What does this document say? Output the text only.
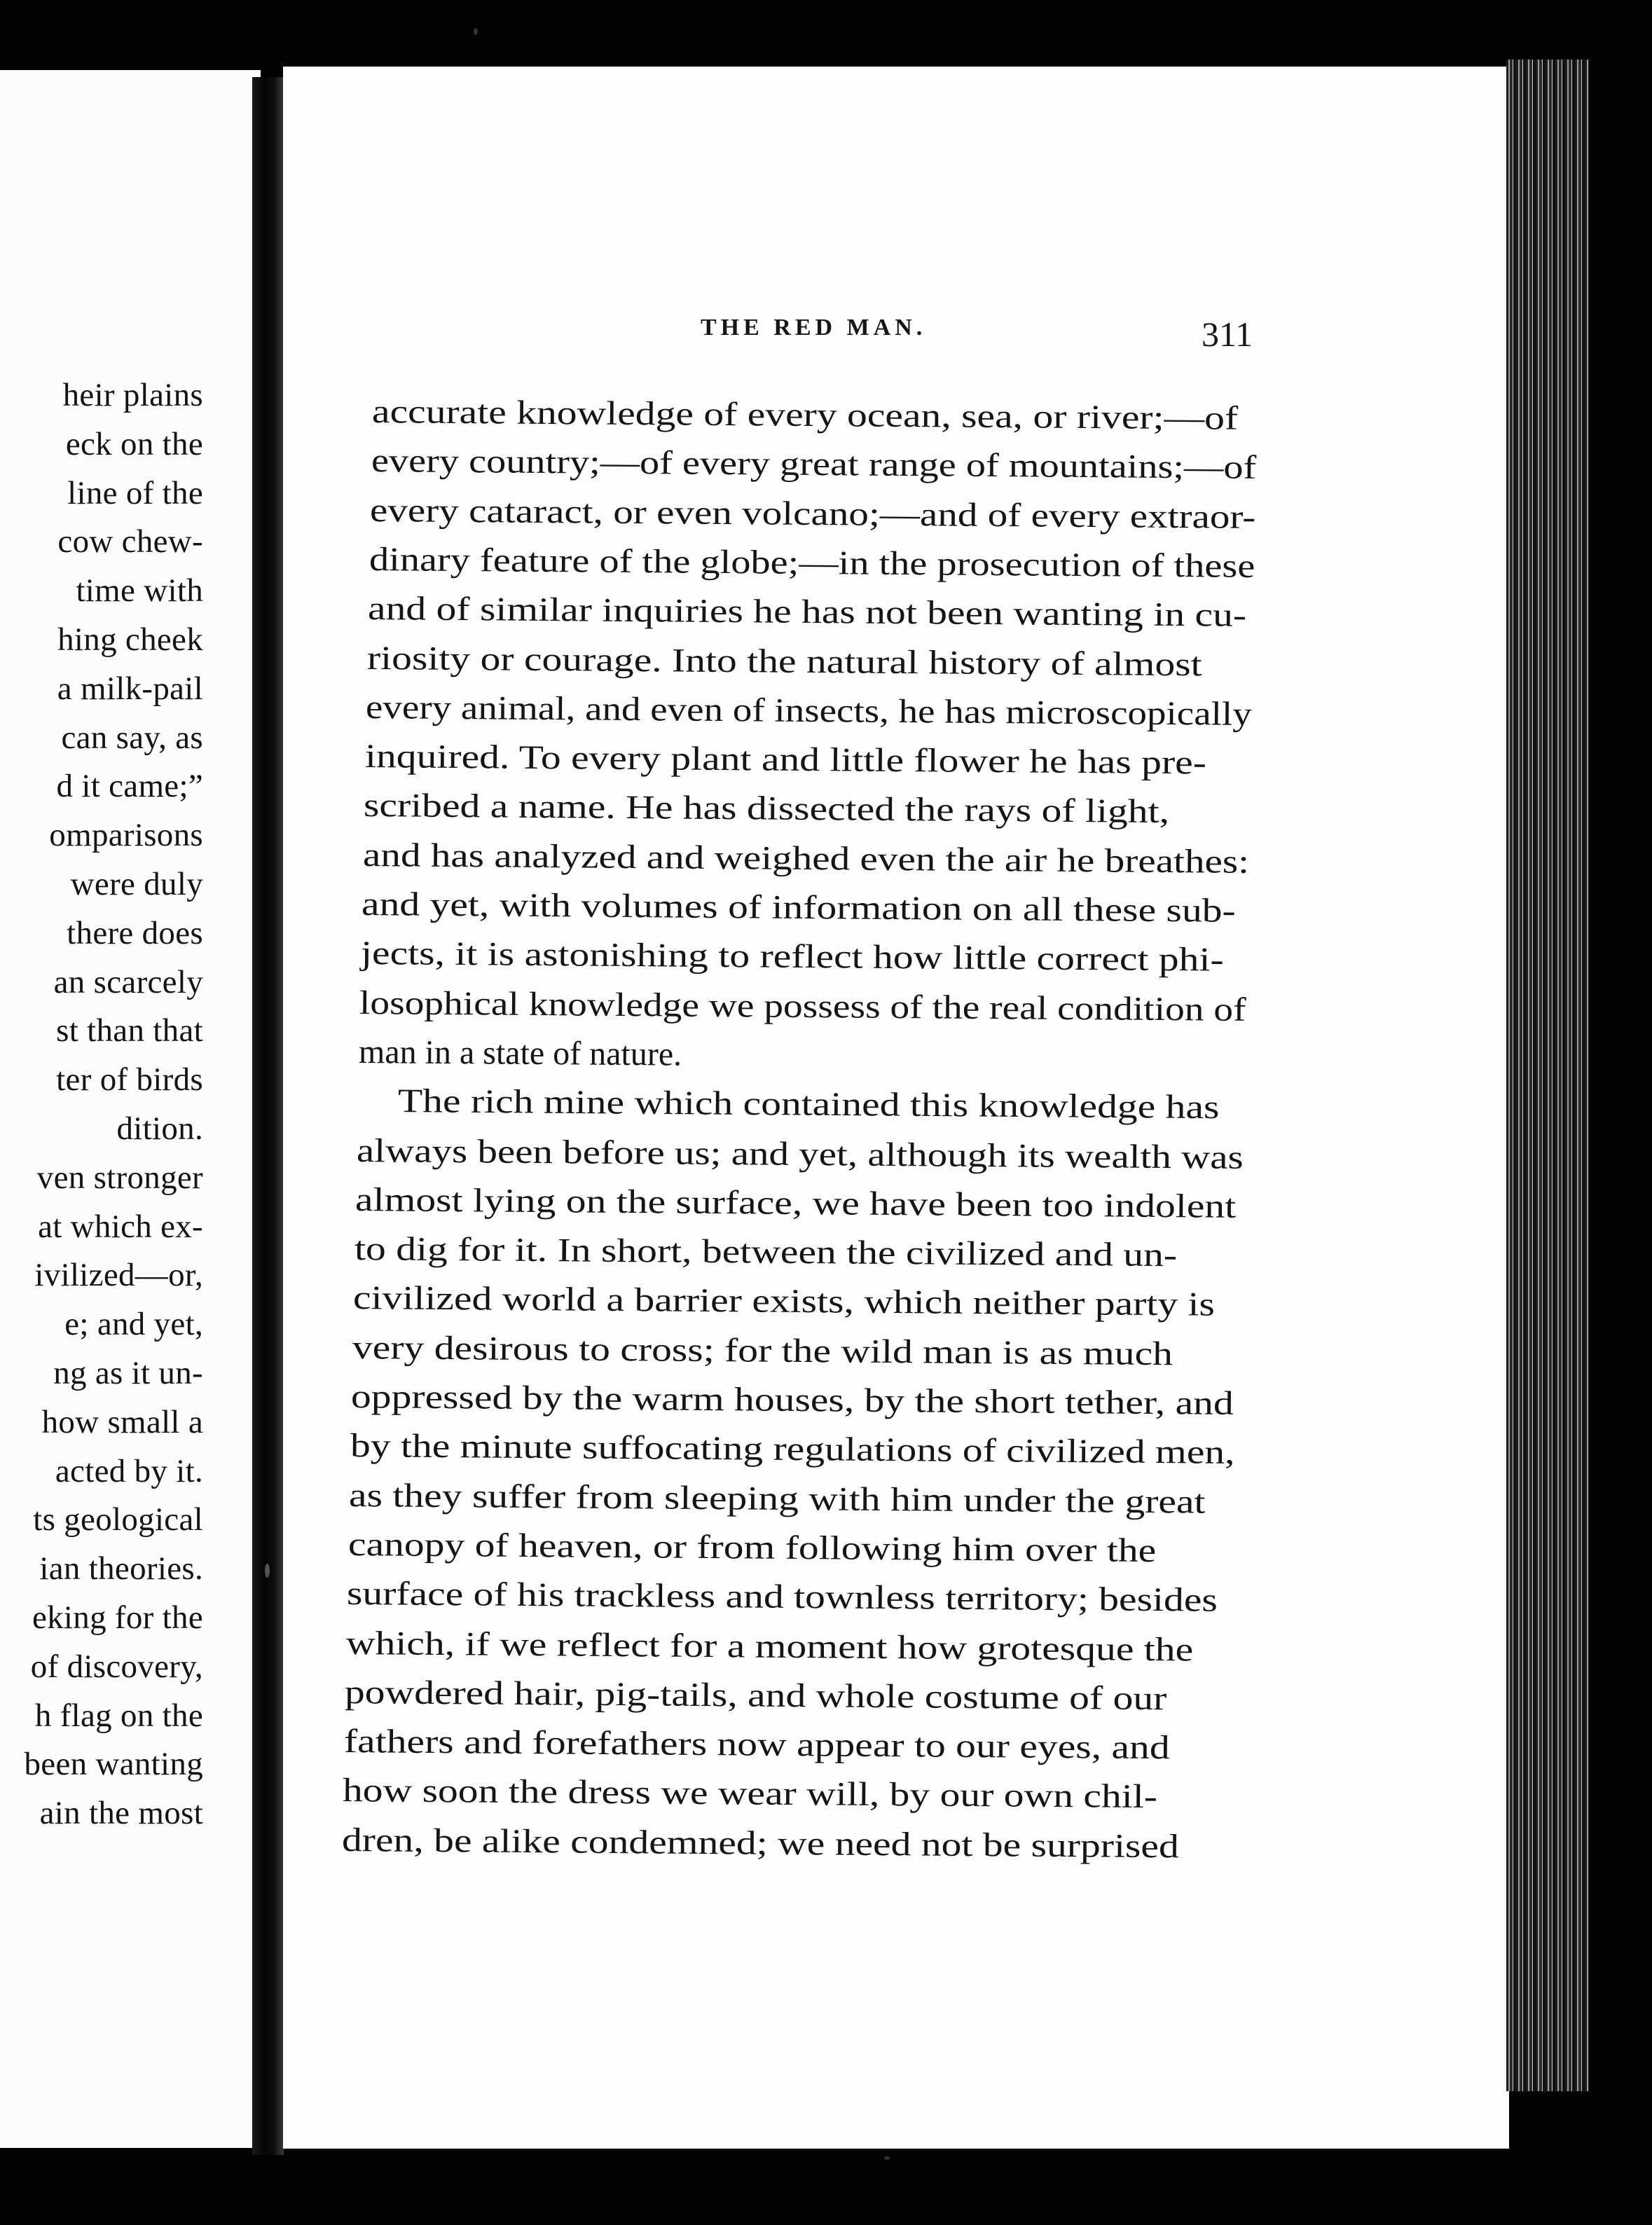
heir plains
eck on the
line of the
cow chew-
time with
hing cheek
a milk-pail
can say, as
d it came;”
omparisons
were duly
there does
an scarcely
st than that
ter of birds
dition.
ven stronger
at which ex-
ivilized—or,
e; and yet,
ng as it un-
how small a
acted by it.
ts geological
ian theories.
eking for the
of discovery,
h flag on the
been wanting
ain the most
THE RED MAN.	311
accurate knowledge of every ocean, sea, or river;—of
every country;—of every great range of mountains;—of
every cataract, or even volcano;—and of every extraor-
dinary feature of the globe;—in the prosecution of these
and of similar inquiries he has not been wanting in cu-
riosity or courage. Into the natural history of almost
every animal, and even of insects, he has microscopically
inquired. To every plant and little flower he has pre-
scribed a name. He has dissected the rays of light,
and has analyzed and weighed even the air he breathes:
and yet, with volumes of information on all these sub-
jects, it is astonishing to reflect how little correct phi-
losophical knowledge we possess of the real condition of
man in a state of nature.
The rich mine which contained this knowledge has
always been before us; and yet, although its wealth was
almost lying on the surface, we have been too indolent
to dig for it. In short, between the civilized and un-
civilized world a barrier exists, which neither party is
very desirous to cross; for the wild man is as much
oppressed by the warm houses, by the short tether, and
by the minute suffocating regulations of civilized men,
as they suffer from sleeping with him under the great
canopy of heaven, or from following him over the
surface of his trackless and townless territory; besides
which, if we reflect for a moment how grotesque the
powdered hair, pig-tails, and whole costume of our
fathers and forefathers now appear to our eyes, and
how soon the dress we wear will, by our own chil-
dren, be alike condemned; we need not be surprised
